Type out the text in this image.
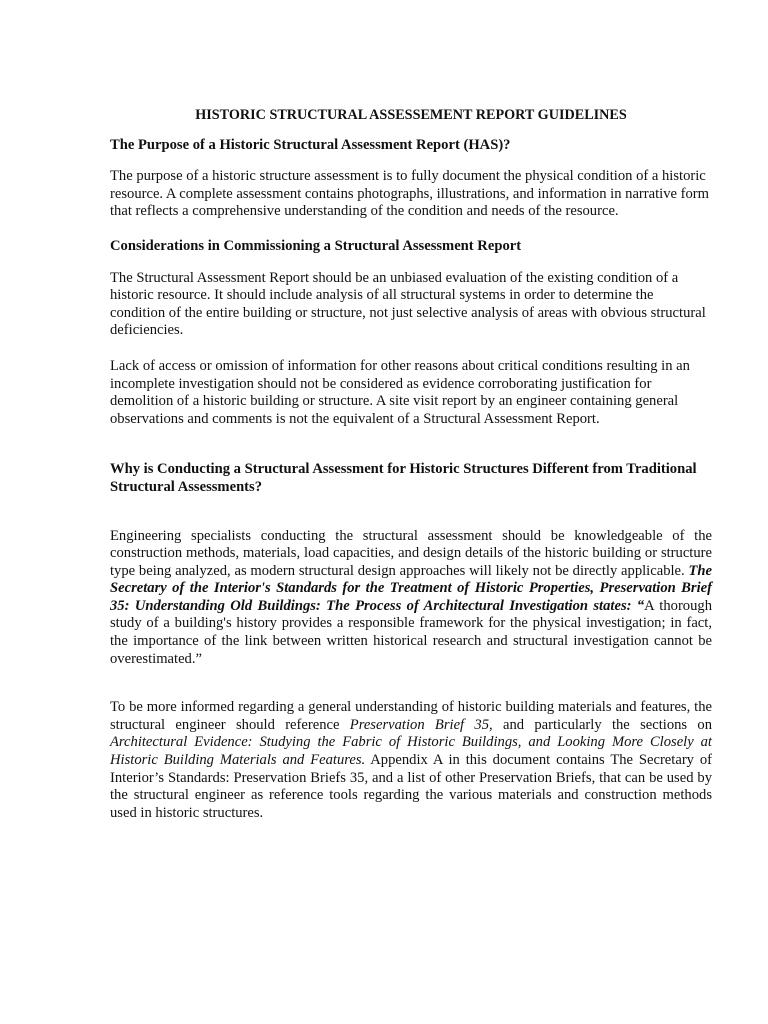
HISTORIC STRUCTURAL ASSESSEMENT REPORT GUIDELINES

The Purpose of a Historic Structural Assessment Report (HAS)?

The purpose of a historic structure assessment is to fully document the physical condition of a historic resource. A complete assessment contains photographs, illustrations, and information in narrative form that reflects a comprehensive understanding of the condition and needs of the resource.

Considerations in Commissioning a Structural Assessment Report

The Structural Assessment Report should be an unbiased evaluation of the existing condition of a historic resource. It should include analysis of all structural systems in order to determine the condition of the entire building or structure, not just selective analysis of areas with obvious structural deficiencies.

Lack of access or omission of information for other reasons about critical conditions resulting in an incomplete investigation should not be considered as evidence corroborating justification for demolition of a historic building or structure. A site visit report by an engineer containing general observations and comments is not the equivalent of a Structural Assessment Report.

Why is Conducting a Structural Assessment for Historic Structures Different from Traditional Structural Assessments?

Engineering specialists conducting the structural assessment should be knowledgeable of the construction methods, materials, load capacities, and design details of the historic building or structure type being analyzed, as modern structural design approaches will likely not be directly applicable. The Secretary of the Interior's Standards for the Treatment of Historic Properties, Preservation Brief 35: Understanding Old Buildings: The Process of Architectural Investigation states: “A thorough study of a building's history provides a responsible framework for the physical investigation; in fact, the importance of the link between written historical research and structural investigation cannot be overestimated.”

To be more informed regarding a general understanding of historic building materials and features, the structural engineer should reference Preservation Brief 35, and particularly the sections on Architectural Evidence: Studying the Fabric of Historic Buildings, and Looking More Closely at Historic Building Materials and Features. Appendix A in this document contains The Secretary of Interior’s Standards: Preservation Briefs 35, and a list of other Preservation Briefs, that can be used by the structural engineer as reference tools regarding the various materials and construction methods used in historic structures.
